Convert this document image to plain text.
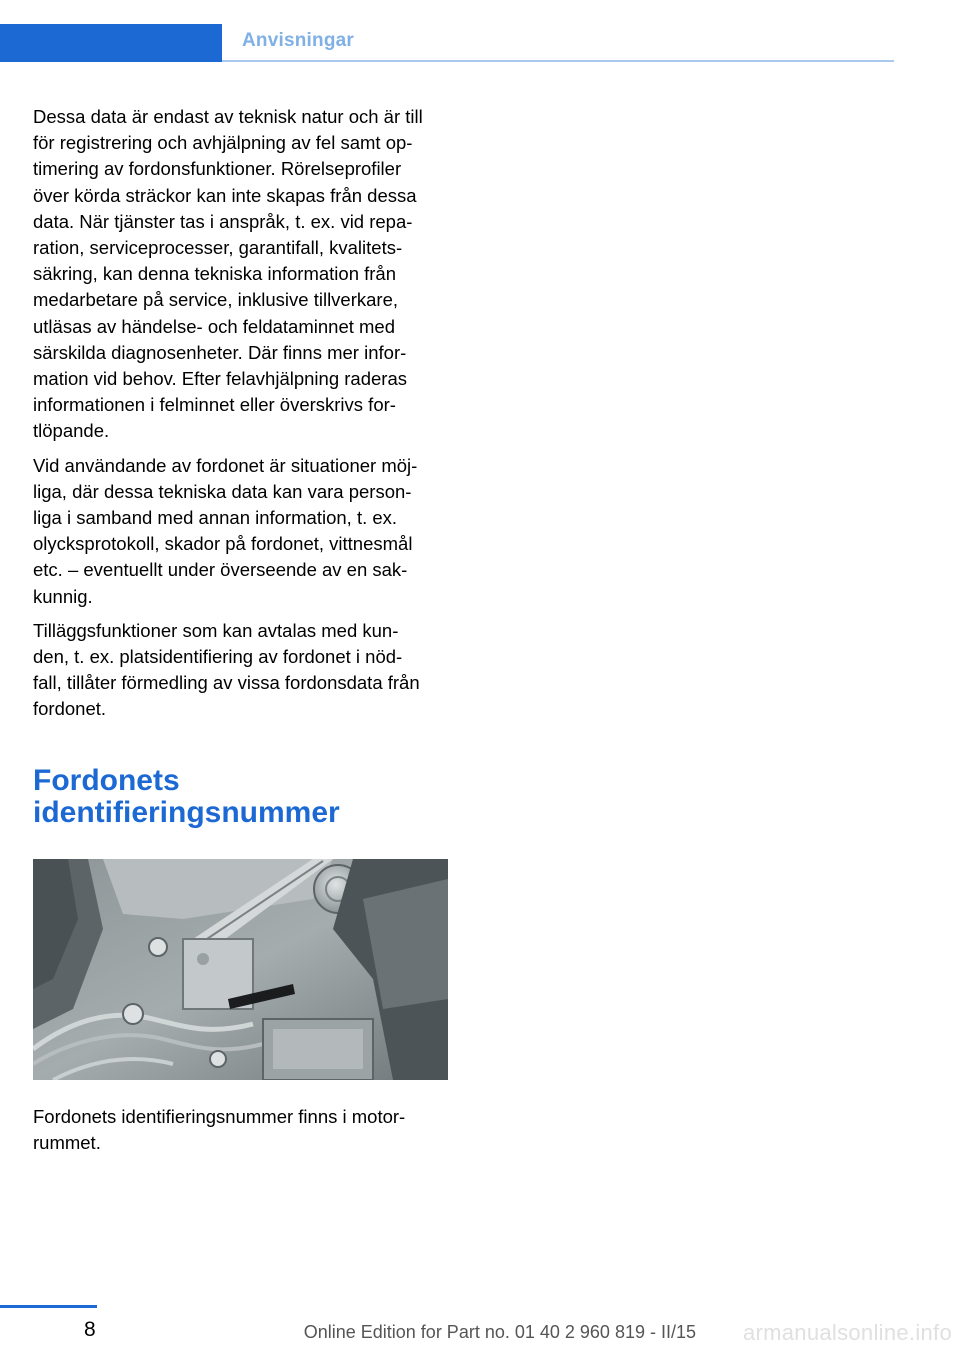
Anvisningar

Dessa data är endast av teknisk natur och är till
för registrering och avhjälpning av fel samt op‐
timering av fordonsfunktioner. Rörelseprofiler
över körda sträckor kan inte skapas från dessa
data. När tjänster tas i anspråk, t. ex. vid repa‐
ration, serviceprocesser, garantifall, kvalitets‐
säkring, kan denna tekniska information från
medarbetare på service, inklusive tillverkare,
utläsas av händelse- och feldataminnet med
särskilda diagnosenheter. Där finns mer infor‐
mation vid behov. Efter felavhjälpning raderas
informationen i felminnet eller överskrivs for‐
tlöpande.

Vid användande av fordonet är situationer möj‐
liga, där dessa tekniska data kan vara person‐
liga i samband med annan information, t. ex.
olycksprotokoll, skador på fordonet, vittnesmål
etc. – eventuellt under överseende av en sak‐
kunnig.

Tilläggsfunktioner som kan avtalas med kun‐
den, t. ex. platsidentifiering av fordonet i nöd‐
fall, tillåter förmedling av vissa fordonsdata från
fordonet.

Fordonets
identifieringsnummer

Fordonets identifieringsnummer finns i motor‐
rummet.

8	Online Edition for Part no. 01 40 2 960 819 - II/15 armanualsonline.info
